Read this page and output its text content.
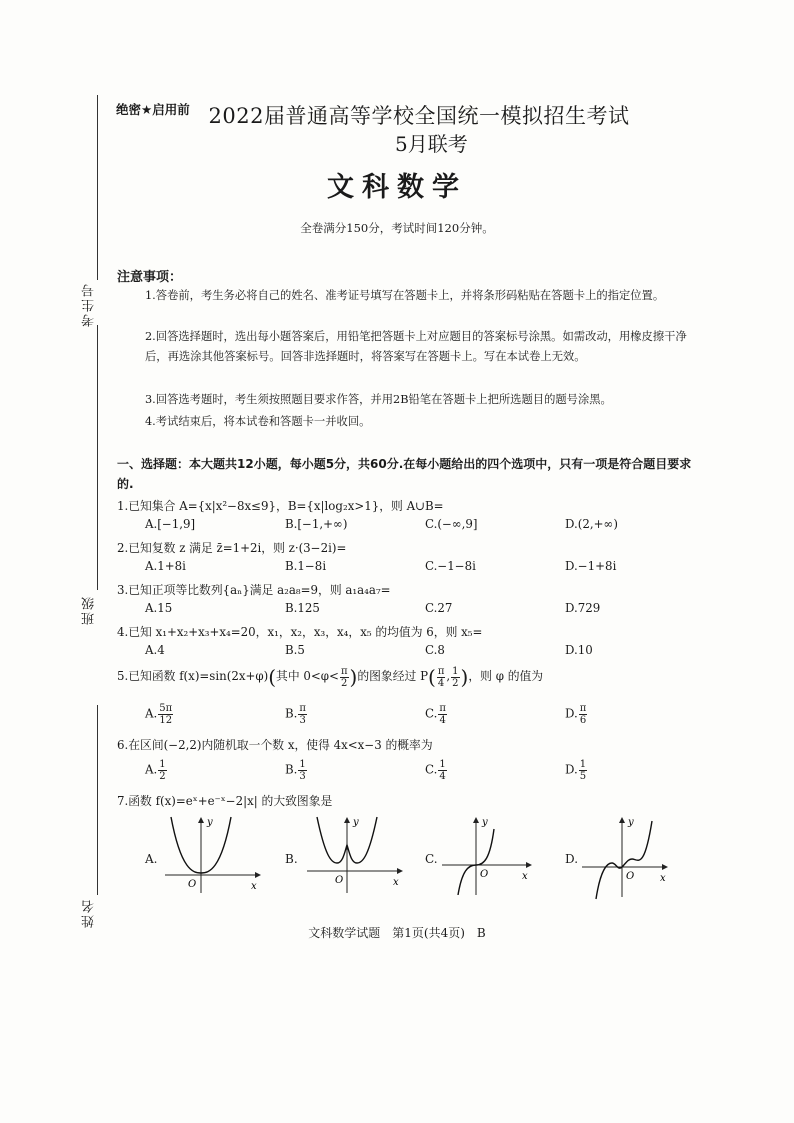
考生号
班级
姓名
绝密★启用前 2022届普通高等学校全国统一模拟招生考试
5月联考
文科数学
全卷满分150分，考试时间120分钟。
注意事项：
1.答卷前，考生务必将自己的姓名、准考证号填写在答题卡上，并将条形码粘贴在答题卡上的指定位置。
2.回答选择题时，选出每小题答案后，用铅笔把答题卡上对应题目的答案标号涂黑。如需改动，用橡皮擦干净后，再选涂其他答案标号。回答非选择题时，将答案写在答题卡上。写在本试卷上无效。
3.回答选考题时，考生须按照题目要求作答，并用2B铅笔在答题卡上把所选题目的题号涂黑。
4.考试结束后，将本试卷和答题卡一并收回。
一、选择题：本大题共12小题，每小题5分，共60分.在每小题给出的四个选项中，只有一项是符合题目要求的.
1.已知集合 A={x|x²−8x≤9}，B={x|log₂x>1}，则 A∪B=
A.[−1,9]	B.[−1,+∞)	C.(−∞,9]	D.(2,+∞)
2.已知复数 z 满足 z̄=1+2i，则 z·(3−2i)=
A.1+8i	B.1−8i	C.−1−8i	D.−1+8i
3.已知正项等比数列{aₙ}满足 a₂a₈=9，则 a₁a₄a₇=
A.15	B.125	C.27	D.729
4.已知 x₁+x₂+x₃+x₄=20，x₁，x₂，x₃，x₄，x₅ 的均值为 6，则 x₅=
A.4	B.5	C.8	D.10
5.已知函数 f(x)=sin(2x+φ)(其中 $0<\varphi< \frac{\pi}{2}$ )的图象经过 $P( \frac{\pi}{4}$ , $\frac{1}{2}$ )，则 φ 的值为
A. $\frac{5\pi}{12}$	B. $\frac{\pi}{3}$	C. $\frac{\pi}{4}$	D. $\frac{\pi}{6}$
6.在区间(−2,2)内随机取一个数 x，使得 4x<x−3 的概率为
A. $\frac{1}{2}$	B. $\frac{1}{3}$	C. $\frac{1}{4}$	D. $\frac{1}{5}$
7.函数 f(x)=eˣ+e⁻ˣ−2|x| 的大致图象是
A.
y
x
O
B.
y
x
O
C.
y
x
O
D.
y
x
O
文科数学试题　第1页(共4页)　B
